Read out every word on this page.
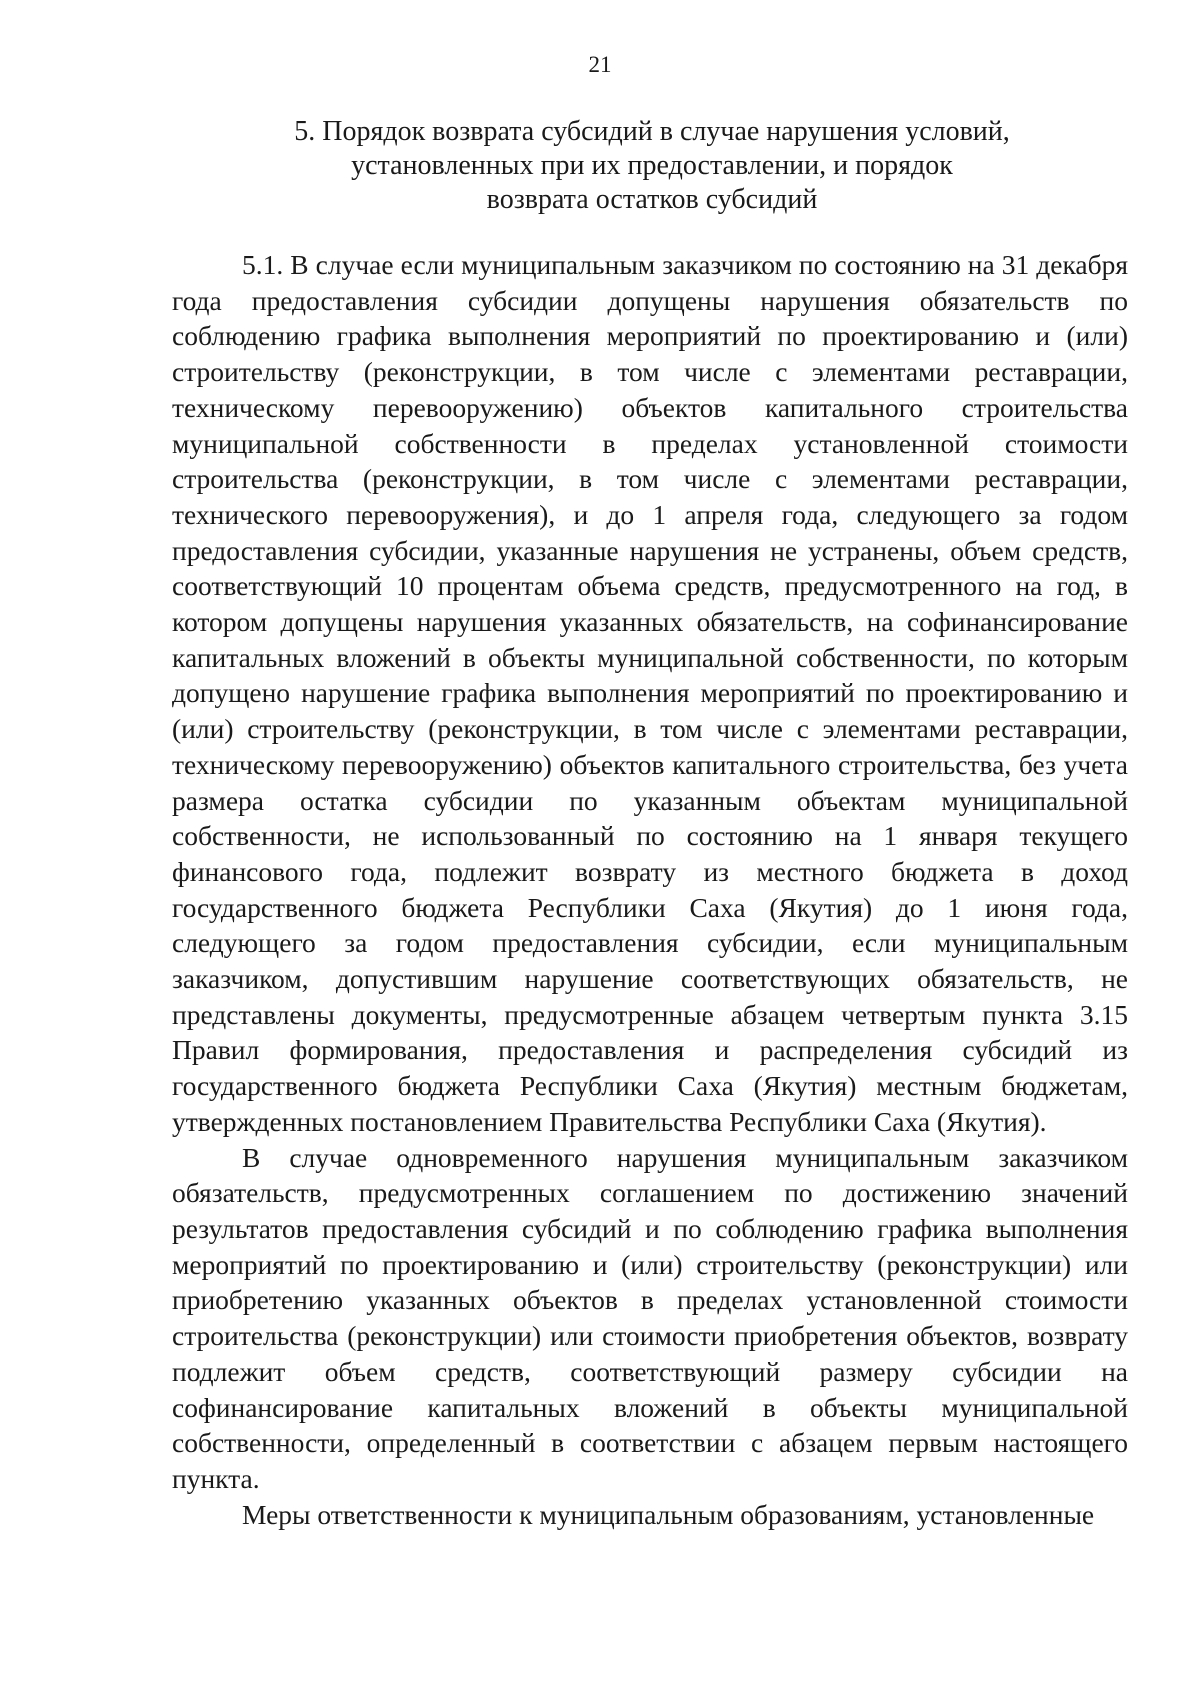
21
5. Порядок возврата субсидий в случае нарушения условий,
установленных при их предоставлении, и порядок
возврата остатков субсидий

5.1. В случае если муниципальным заказчиком по состоянию на 31 декабря года предоставления субсидии допущены нарушения обязательств по соблюдению графика выполнения мероприятий по проектированию и (или) строительству (реконструкции, в том числе с элементами реставрации, техническому перевооружению) объектов капитального строительства муниципальной собственности в пределах установленной стоимости строительства (реконструкции, в том числе с элементами реставрации, технического перевооружения), и до 1 апреля года, следующего за годом предоставления субсидии, указанные нарушения не устранены, объем средств, соответствующий 10 процентам объема средств, предусмотренного на год, в котором допущены нарушения указанных обязательств, на софинансирование капитальных вложений в объекты муниципальной собственности, по которым допущено нарушение графика выполнения мероприятий по проектированию и (или) строительству (реконструкции, в том числе с элементами реставрации, техническому перевооружению) объектов капитального строительства, без учета размера остатка субсидии по указанным объектам муниципальной собственности, не использованный по состоянию на 1 января текущего финансового года, подлежит возврату из местного бюджета в доход государственного бюджета Республики Саха (Якутия) до 1 июня года, следующего за годом предоставления субсидии, если муниципальным заказчиком, допустившим нарушение соответствующих обязательств, не представлены документы, предусмотренные абзацем четвертым пункта 3.15 Правил формирования, предоставления и распределения субсидий из государственного бюджета Республики Саха (Якутия) местным бюджетам, утвержденных постановлением Правительства Республики Саха (Якутия).

В случае одновременного нарушения муниципальным заказчиком обязательств, предусмотренных соглашением по достижению значений результатов предоставления субсидий и по соблюдению графика выполнения мероприятий по проектированию и (или) строительству (реконструкции) или приобретению указанных объектов в пределах установленной стоимости строительства (реконструкции) или стоимости приобретения объектов, возврату подлежит объем средств, соответствующий размеру субсидии на софинансирование капитальных вложений в объекты муниципальной собственности, определенный в соответствии с абзацем первым настоящего пункта.

Меры ответственности к муниципальным образованиям, установленные
